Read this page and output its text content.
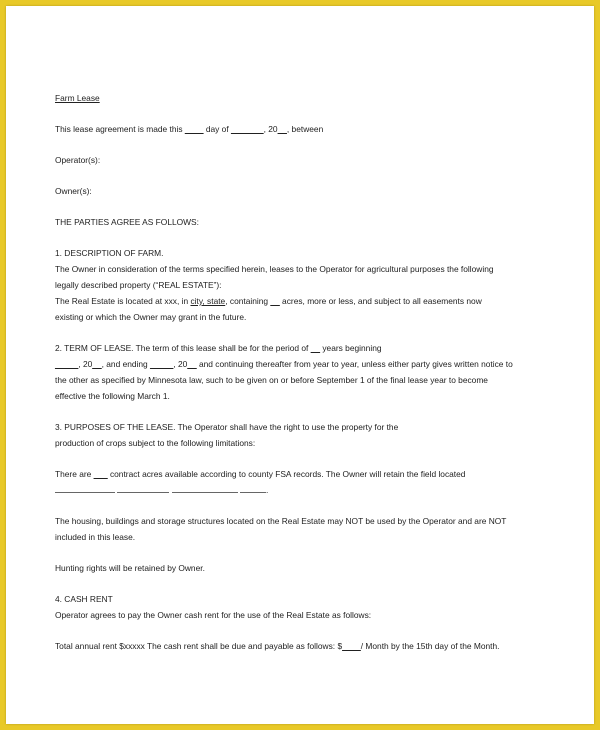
Farm Lease
This lease agreement is made this ____ day of _______, 20__, between
Operator(s):
Owner(s):
THE PARTIES AGREE AS FOLLOWS:
1. DESCRIPTION OF FARM.
The Owner in consideration of the terms specified herein, leases to the Operator for agricultural purposes the following
legally described property (“REAL ESTATE”):
The Real Estate is located at xxx, in city, state, containing __ acres, more or less, and subject to all easements now
existing or which the Owner may grant in the future.
2. TERM OF LEASE. The term of this lease shall be for the period of __ years beginning
_____, 20__, and ending _____, 20__ and continuing thereafter from year to year, unless either party gives written notice to
the other as specified by Minnesota law, such to be given on or before September 1 of the final lease year to become
effective the following March 1.
3. PURPOSES OF THE LEASE. The Operator shall have the right to use the property for the
production of crops subject to the following limitations:
There are ___ contract acres available according to county FSA records. The Owner will retain the field located
.
The housing, buildings and storage structures located on the Real Estate may NOT be used by the Operator and are NOT
included in this lease.
Hunting rights will be retained by Owner.
4. CASH RENT
Operator agrees to pay the Owner cash rent for the use of the Real Estate as follows:
Total annual rent $xxxxx The cash rent shall be due and payable as follows: $____/ Month by the 15th day of the Month.
